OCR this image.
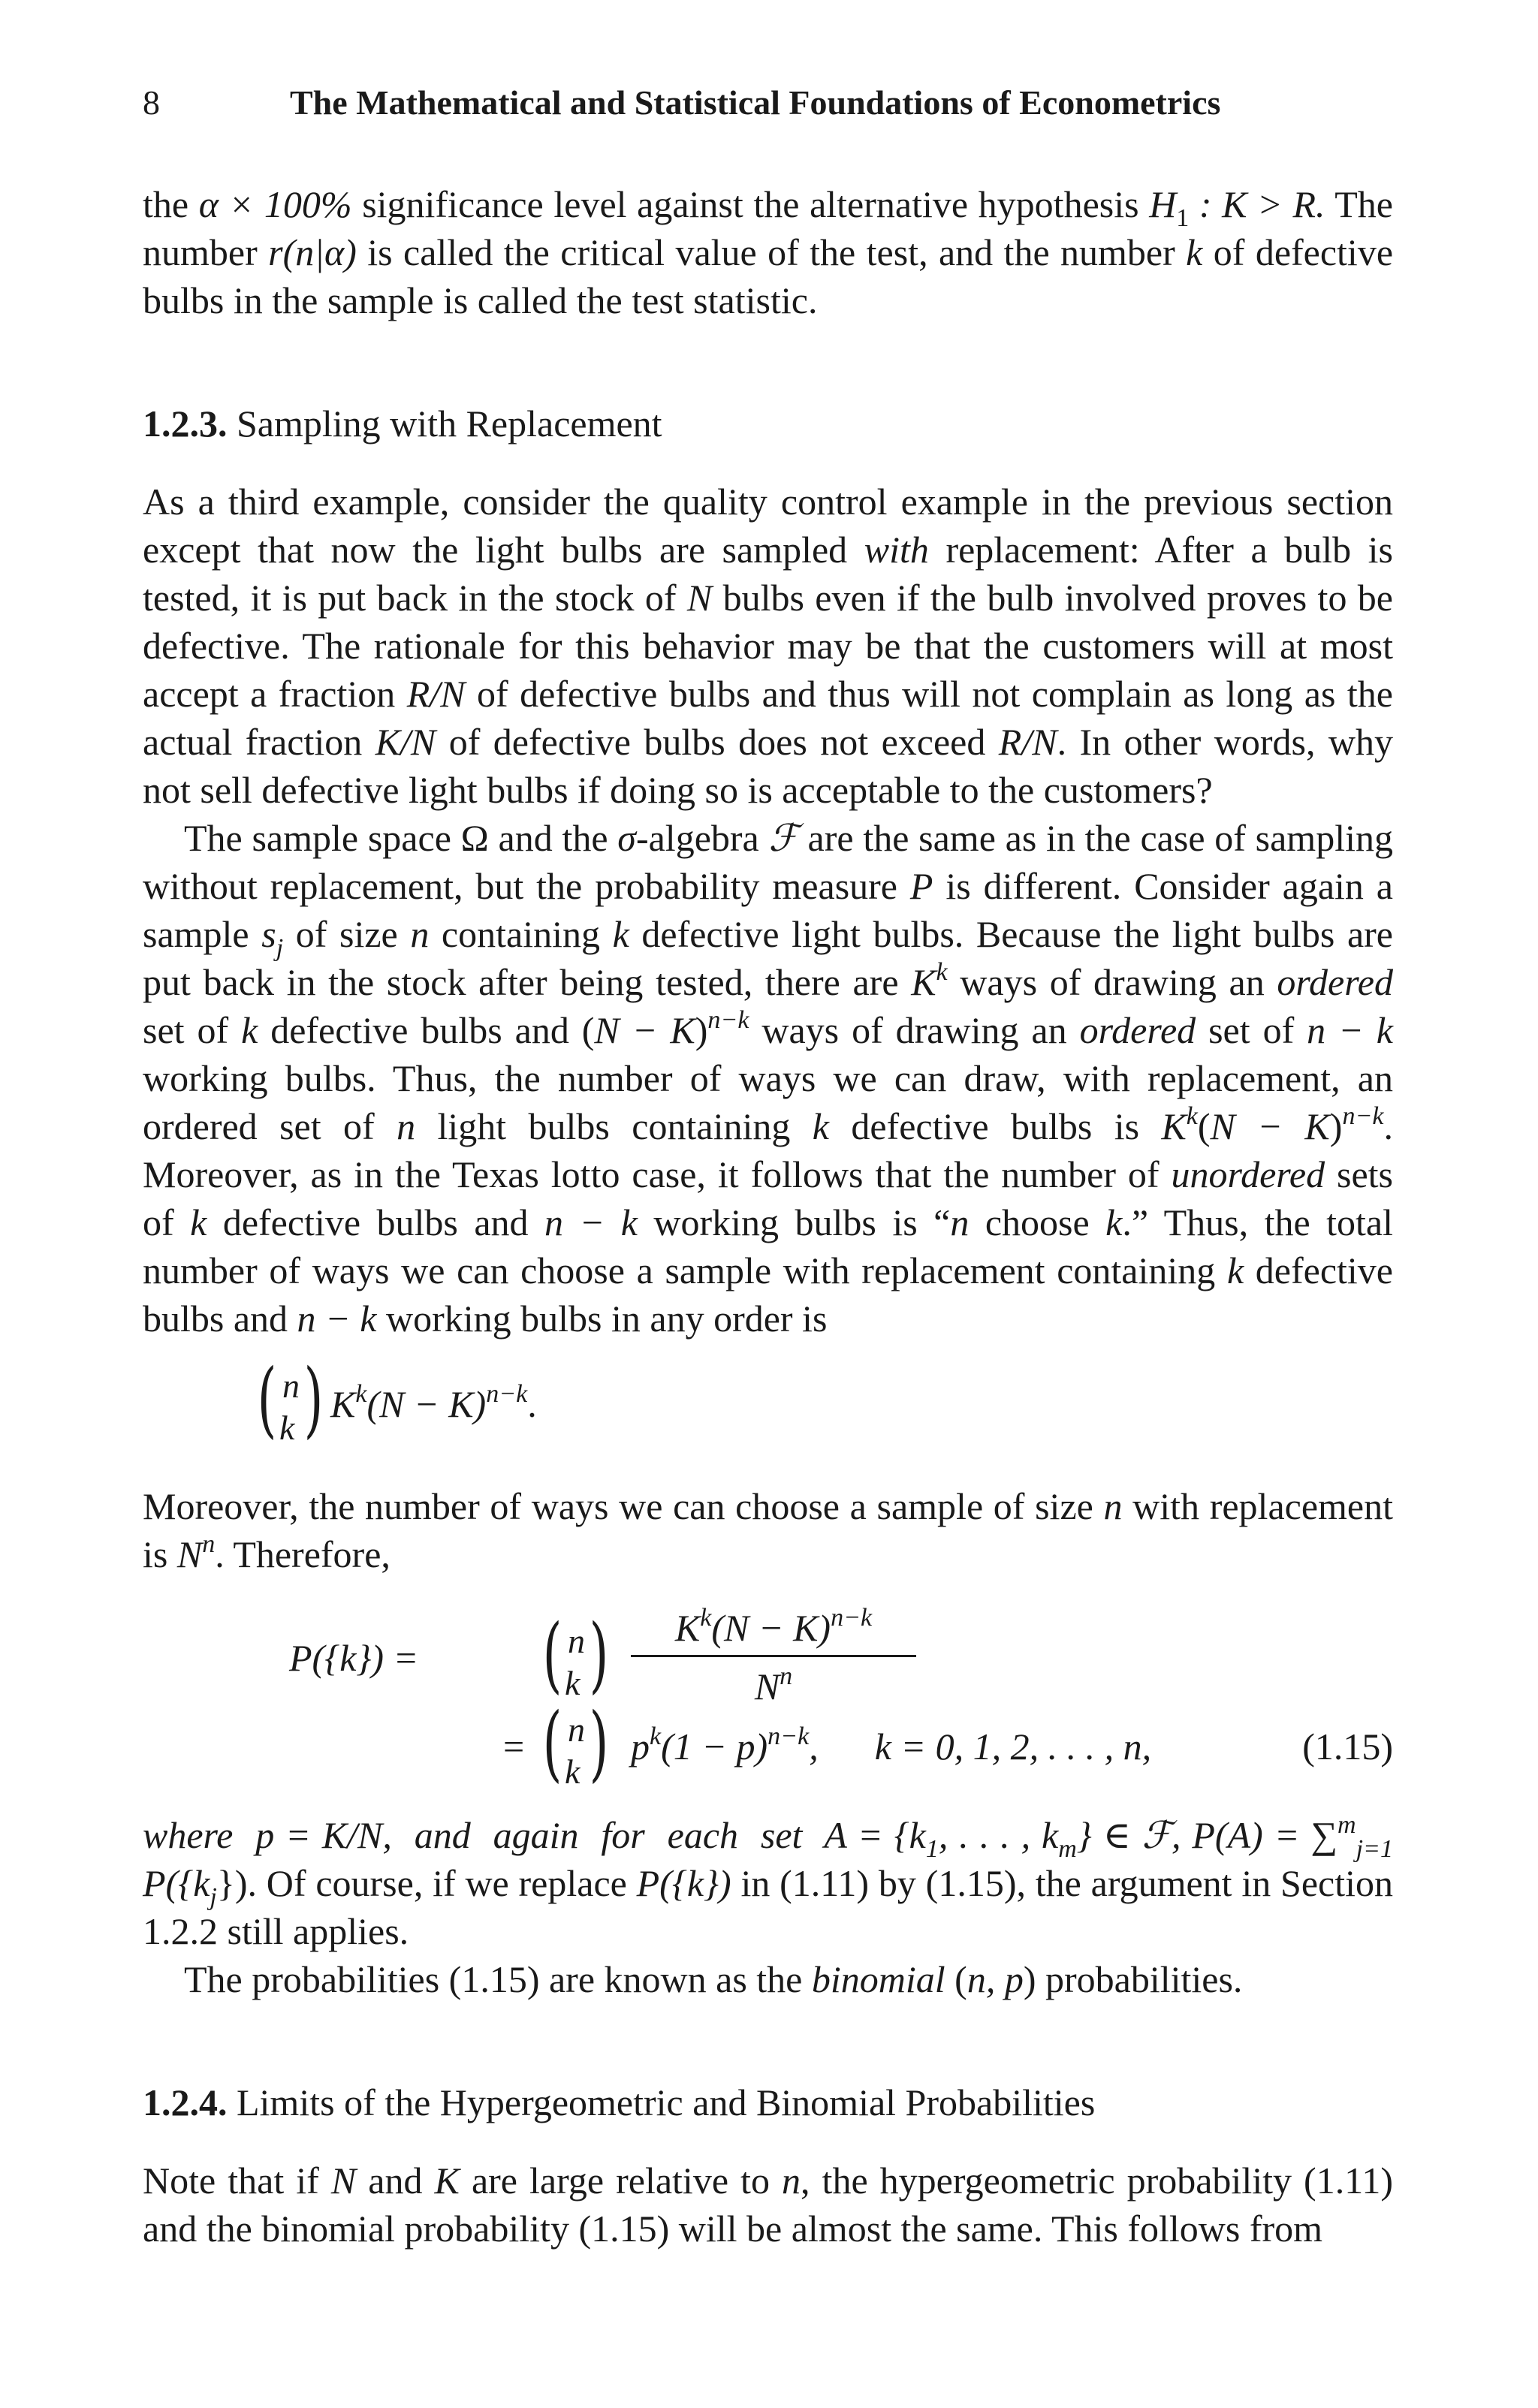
8	The Mathematical and Statistical Foundations of Econometrics

the α × 100% significance level against the alternative hypothesis $H_1$ : K > R. The number r(n|α) is called the critical value of the test, and the number k of defective bulbs in the sample is called the test statistic.

1.2.3. Sampling with Replacement

As a third example, consider the quality control example in the previous section except that now the light bulbs are sampled with replacement: After a bulb is tested, it is put back in the stock of N bulbs even if the bulb involved proves to be defective. The rationale for this behavior may be that the customers will at most accept a fraction R/N of defective bulbs and thus will not complain as long as the actual fraction K/N of defective bulbs does not exceed R/N. In other words, why not sell defective light bulbs if doing so is acceptable to the customers?

The sample space Ω and the σ-algebra ℱ are the same as in the case of sampling without replacement, but the probability measure P is different. Consider again a sample $s_j$ of size n containing k defective light bulbs. Because the light bulbs are put back in the stock after being tested, there are $K^k$ ways of drawing an ordered set of k defective bulbs and $(N - K)^{n-k}$ ways of drawing an ordered set of n − k working bulbs. Thus, the number of ways we can draw, with replacement, an ordered set of n light bulbs containing k defective bulbs is $K^k(N - K)^{n-k}$. Moreover, as in the Texas lotto case, it follows that the number of unordered sets of k defective bulbs and n − k working bulbs is “n choose k.” Thus, the total number of ways we can choose a sample with replacement containing k defective bulbs and n − k working bulbs in any order is

( n
k ) $K^k(N - K)^{n-k}$.

Moreover, the number of ways we can choose a sample of size n with replacement is $N^n$. Therefore,

P({k}) = ( n
k )	$K^k(N - K)^{n-k}$
$N^n$
= ( n
k ) $p^k(1 - p)^{n-k}$,      k = 0, 1, 2, . . . , n,	(1.15)

where  p = K/N,  and  again  for  each  set  $A = \{k_1$, . . . , $k_m$} ∈ ℱ, P(A) = ∑$^m_{j=1}$ $P(\{k_j\})$. Of course, if we replace P({k}) in (1.11) by (1.15), the argument in Section 1.2.2 still applies.

The probabilities (1.15) are known as the binomial (n, p) probabilities.

1.2.4. Limits of the Hypergeometric and Binomial Probabilities

Note that if N and K are large relative to n, the hypergeometric probability (1.11) and the binomial probability (1.15) will be almost the same. This follows from
